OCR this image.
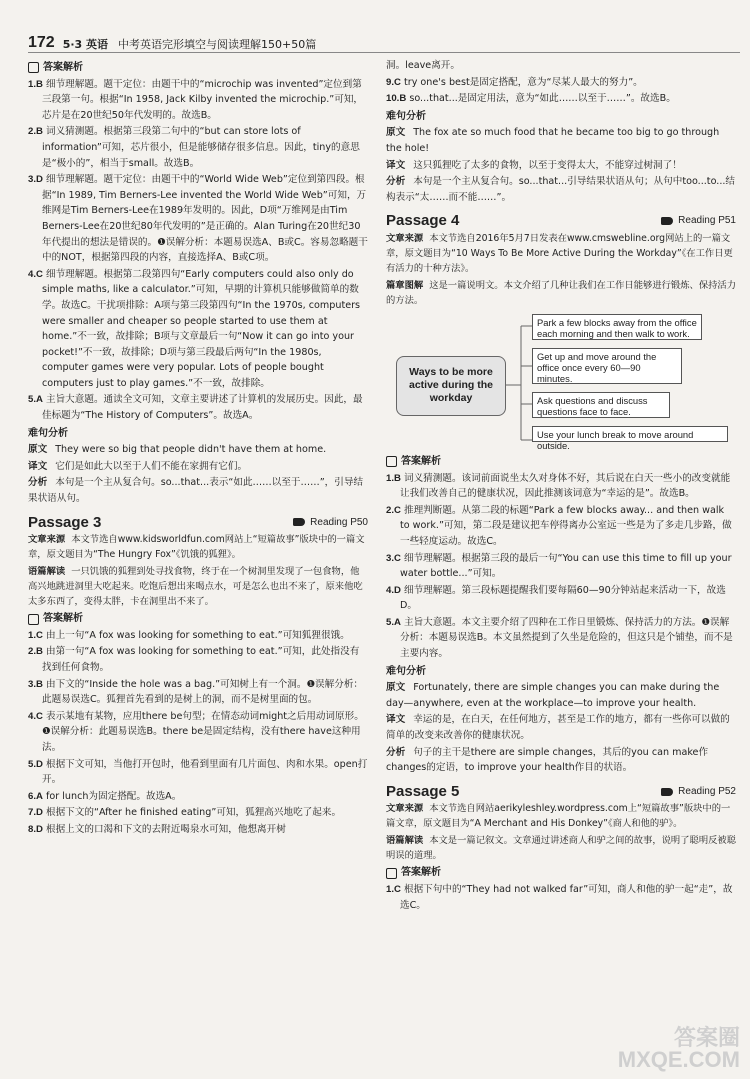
172 5·3 英语 中考英语完形填空与阅读理解150+50篇
答案解析
1.B 细节理解题。题干定位：由题干中的“microchip was invented”定位到第三段第一句。根据“In 1958, Jack Kilby invented the microchip.”可知，芯片是在20世纪50年代发明的。故选B。
2.B 词义猜测题。根据第三段第二句中的“but can store lots of information”可知，芯片很小，但是能够储存很多信息。因此，tiny的意思是“极小的”，相当于small。故选B。
3.D 细节理解题。题干定位：由题干中的“World Wide Web”定位到第四段。根据“In 1989, Tim Berners-Lee invented the World Wide Web”可知，万维网是Tim Berners-Lee在1989年发明的。因此，D项“万维网是由Tim Berners-Lee在20世纪80年代发明的”是正确的。Alan Turing在20世纪30年代提出的想法是错误的。❶误解分析：本题易误选A、B或C。容易忽略题干中的NOT，根据第四段的内容，直接选择A、B或C项。
4.C 细节理解题。根据第二段第四句“Early computers could also only do simple maths, like a calculator.”可知，早期的计算机只能够做简单的数学。故选C。干扰项排除：A项与第三段第四句“In the 1970s, computers were smaller and cheaper so people started to use them at home.”不一致，故排除；B项与文章最后一句“Now it can go into your pocket!”不一致，故排除；D项与第三段最后两句“In the 1980s, computer games were very popular. Lots of people bought computers just to play games.”不一致，故排除。
5.A 主旨大意题。通读全文可知，文章主要讲述了计算机的发展历史。因此，最佳标题为“The History of Computers”。故选A。
难句分析
原文 They were so big that people didn't have them at home.
译文 它们是如此大以至于人们不能在家拥有它们。
分析 本句是一个主从复合句。so...that...表示“如此……以至于……”，引导结果状语从句。
Passage 3	Reading P50
文章来源 本文节选自www.kidsworldfun.com网站上“短篇故事”版块中的一篇文章，原文题目为“The Hungry Fox”《饥饿的狐狸》。
语篇解读 一只饥饿的狐狸到处寻找食物，终于在一个树洞里发现了一包食物，他高兴地跳进洞里大吃起来。吃饱后想出来喝点水，可是怎么也出不来了，原来他吃太多东西了，变得太胖，卡在洞里出不来了。
答案解析
1.C 由上一句“A fox was looking for something to eat.”可知狐狸很饿。
2.B 由第一句“A fox was looking for something to eat.”可知，此处指没有找到任何食物。
3.B 由下文的“Inside the hole was a bag.”可知树上有一个洞。❶误解分析：此题易误选C。狐狸首先看到的是树上的洞，而不是树里面的包。
4.C 表示某地有某物，应用there be句型；在情态动词might之后用动词原形。❶误解分析：此题易误选B。there be是固定结构，没有there have这种用法。
5.D 根据下文可知，当他打开包时，他看到里面有几片面包、肉和水果。open打开。
6.A for lunch为固定搭配。故选A。
7.D 根据下文的“After he finished eating”可知，狐狸高兴地吃了起来。
8.D 根据上文的口渴和下文的去附近喝泉水可知，他想离开树
洞。leave离开。
9.C try one's best是固定搭配，意为“尽某人最大的努力”。
10.B so...that...是固定用法，意为“如此……以至于……”。故选B。
难句分析
原文 The fox ate so much food that he became too big to go through the hole!
译文 这只狐狸吃了太多的食物，以至于变得太大，不能穿过树洞了！
分析 本句是一个主从复合句。so...that...引导结果状语从句；从句中too...to...结构表示“太……而不能……”。
Passage 4	Reading P51
文章来源 本文节选自2016年5月7日发表在www.cmswebline.org网站上的一篇文章，原文题目为“10 Ways To Be More Active During the Workday”《在工作日更有活力的十种方法》。
篇章图解 这是一篇说明文。本文介绍了几种让我们在工作日能够进行锻炼、保持活力的方法。
Ways to be more active during the workday
Park a few blocks away from the office each morning and then walk to work.
Get up and move around the office once every 60—90 minutes.
Ask questions and discuss questions face to face.
Use your lunch break to move around outside.
答案解析
1.B 词义猜测题。该词前面说坐太久对身体不好，其后说在白天一些小的改变就能让我们改善自己的健康状况，因此推测该词意为“幸运的是”。故选B。
2.C 推理判断题。从第二段的标题“Park a few blocks away... and then walk to work.”可知，第二段是建议把车停得离办公室远一些是为了多走几步路，做一些轻度运动。故选C。
3.C 细节理解题。根据第三段的最后一句“You can use this time to fill up your water bottle...”可知。
4.D 细节理解题。第三段标题提醒我们要每隔60—90分钟站起来活动一下，故选D。
5.A 主旨大意题。本文主要介绍了四种在工作日里锻炼、保持活力的方法。❶误解分析：本题易误选B。本文虽然提到了久坐是危险的，但这只是个铺垫，而不是主要内容。
难句分析
原文 Fortunately, there are simple changes you can make during the day—anywhere, even at the workplace—to improve your health.
译文 幸运的是，在白天，在任何地方，甚至是工作的地方，都有一些你可以做的简单的改变来改善你的健康状况。
分析 句子的主干是there are simple changes，其后的you can make作changes的定语，to improve your health作目的状语。
Passage 5	Reading P52
文章来源 本文节选自网站aerikyleshley.wordpress.com上“短篇故事”版块中的一篇文章，原文题目为“A Merchant and His Donkey”《商人和他的驴》。
语篇解读 本文是一篇记叙文。文章通过讲述商人和驴之间的故事，说明了聪明反被聪明误的道理。
答案解析
1.C 根据下句中的“They had not walked far”可知，商人和他的驴一起“走”，故选C。
答案圈
MXQE.COM
